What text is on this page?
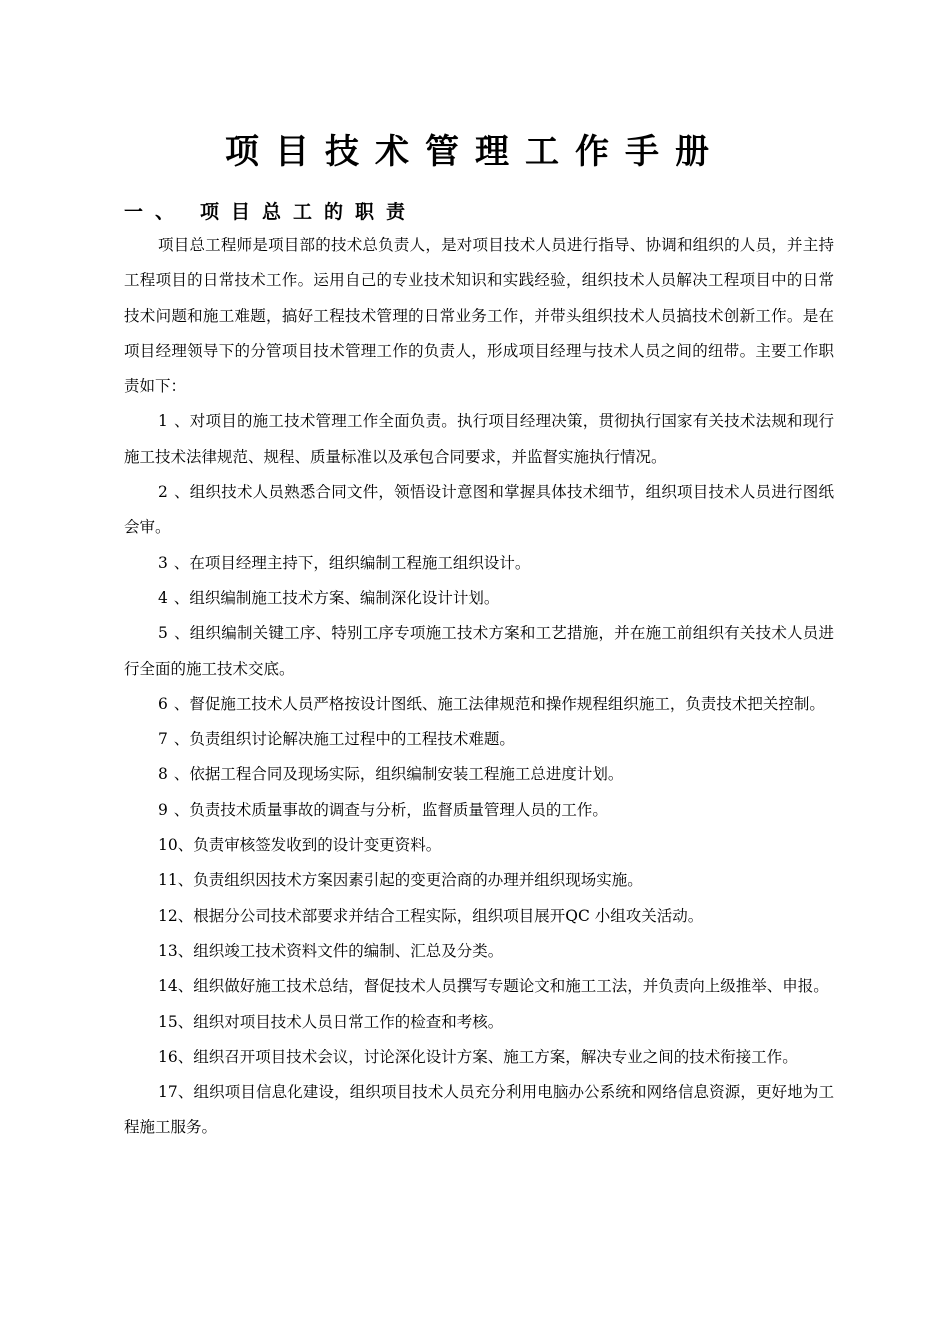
项目技术管理工作手册
一、 项目总工的职责

项目总工程师是项目部的技术总负责人，是对项目技术人员进行指导、协调和组织的人员，并主持工程项目的日常技术工作。运用自己的专业技术知识和实践经验，组织技术人员解决工程项目中的日常技术问题和施工难题，搞好工程技术管理的日常业务工作，并带头组织技术人员搞技术创新工作。是在项目经理领导下的分管项目技术管理工作的负责人，形成项目经理与技术人员之间的纽带。主要工作职责如下：

1 、对项目的施工技术管理工作全面负责。执行项目经理决策，贯彻执行国家有关技术法规和现行施工技术法律规范、规程、质量标准以及承包合同要求，并监督实施执行情况。

2 、组织技术人员熟悉合同文件，领悟设计意图和掌握具体技术细节，组织项目技术人员进行图纸会审。

3 、在项目经理主持下，组织编制工程施工组织设计。

4 、组织编制施工技术方案、编制深化设计计划。

5 、组织编制关键工序、特别工序专项施工技术方案和工艺措施，并在施工前组织有关技术人员进行全面的施工技术交底。

6 、督促施工技术人员严格按设计图纸、施工法律规范和操作规程组织施工，负责技术把关控制。

7 、负责组织讨论解决施工过程中的工程技术难题。

8 、依据工程合同及现场实际，组织编制安装工程施工总进度计划。

9 、负责技术质量事故的调查与分析，监督质量管理人员的工作。

10、负责审核签发收到的设计变更资料。

11、负责组织因技术方案因素引起的变更洽商的办理并组织现场实施。

12、根据分公司技术部要求并结合工程实际，组织项目展开QC 小组攻关活动。

13、组织竣工技术资料文件的编制、汇总及分类。

14、组织做好施工技术总结，督促技术人员撰写专题论文和施工工法，并负责向上级推举、申报。

15、组织对项目技术人员日常工作的检查和考核。

16、组织召开项目技术会议，讨论深化设计方案、施工方案，解决专业之间的技术衔接工作。

17、组织项目信息化建设，组织项目技术人员充分利用电脑办公系统和网络信息资源，更好地为工程施工服务。
